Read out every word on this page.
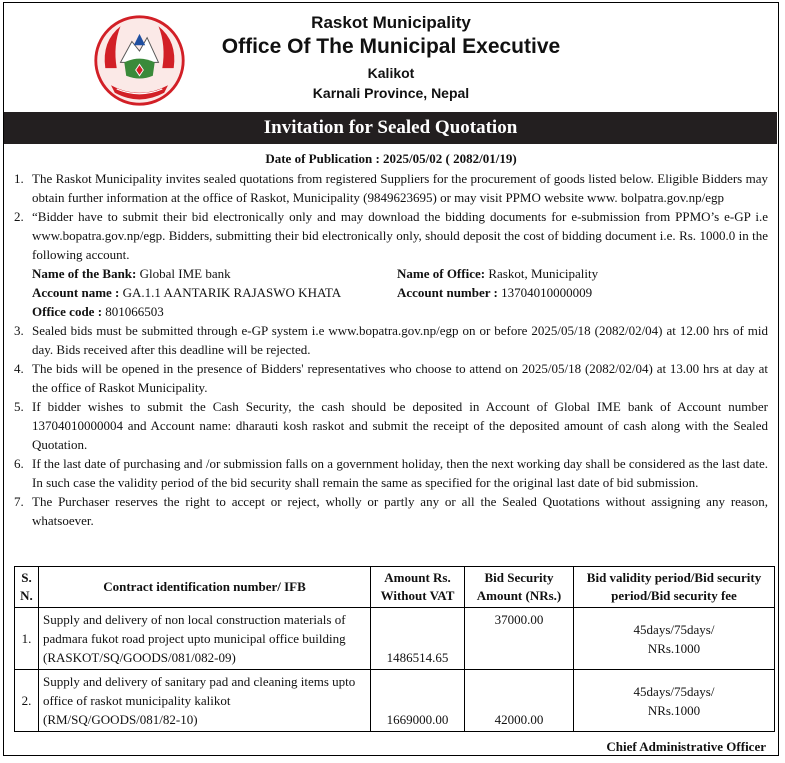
Raskot Municipality
Office Of The Municipal Executive
Kalikot
Karnali Province, Nepal
Invitation for Sealed Quotation
Date of Publication : 2025/05/02 ( 2082/01/19)
1. The Raskot Municipality invites sealed quotations from registered Suppliers for the procurement of goods listed below. Eligible Bidders may obtain further information at the office of Raskot, Municipality (9849623695) or may visit PPMO website www. bolpatra.gov.np/egp
2. “Bidder have to submit their bid electronically only and may download the bidding documents for e-submission from PPMO’s e-GP i.e www.bopatra.gov.np/egp. Bidders, submitting their bid electronically only, should deposit the cost of bidding document i.e. Rs. 1000.0 in the following account.
Name of the Bank: Global IME bank	Name of Office: Raskot, Municipality
Account name : GA.1.1 AANTARIK RAJASWO KHATA	Account number : 13704010000009
Office code : 801066503
3. Sealed bids must be submitted through e-GP system i.e www.bopatra.gov.np/egp on or before 2025/05/18 (2082/02/04) at 12.00 hrs of mid day. Bids received after this deadline will be rejected.
4. The bids will be opened in the presence of Bidders' representatives who choose to attend on 2025/05/18 (2082/02/04) at 13.00 hrs at day at the office of Raskot Municipality.
5. If bidder wishes to submit the Cash Security, the cash should be deposited in Account of Global IME bank of Account number 13704010000004 and Account name: dharauti kosh raskot and submit the receipt of the deposited amount of cash along with the Sealed Quotation.
6. If the last date of purchasing and /or submission falls on a government holiday, then the next working day shall be considered as the last date. In such case the validity period of the bid security shall remain the same as specified for the original last date of bid submission.
7. The Purchaser reserves the right to accept or reject, wholly or partly any or all the Sealed Quotations without assigning any reason, whatsoever.
S. N.	Contract identification number/ IFB	Amount Rs. Without VAT	Bid Security Amount (NRs.)	Bid validity period/Bid security period/Bid security fee
1.	Supply and delivery of non local construction materials of padmara fukot road project upto municipal office building (RASKOT/SQ/GOODS/081/082-09)	1486514.65	37000.00	45days/75days/
NRs.1000

2.	Supply and delivery of sanitary pad and cleaning items upto office of raskot municipality kalikot (RM/SQ/GOODS/081/82-10)	1669000.00	42000.00	45days/75days/
NRs.1000
Chief Administrative Officer
